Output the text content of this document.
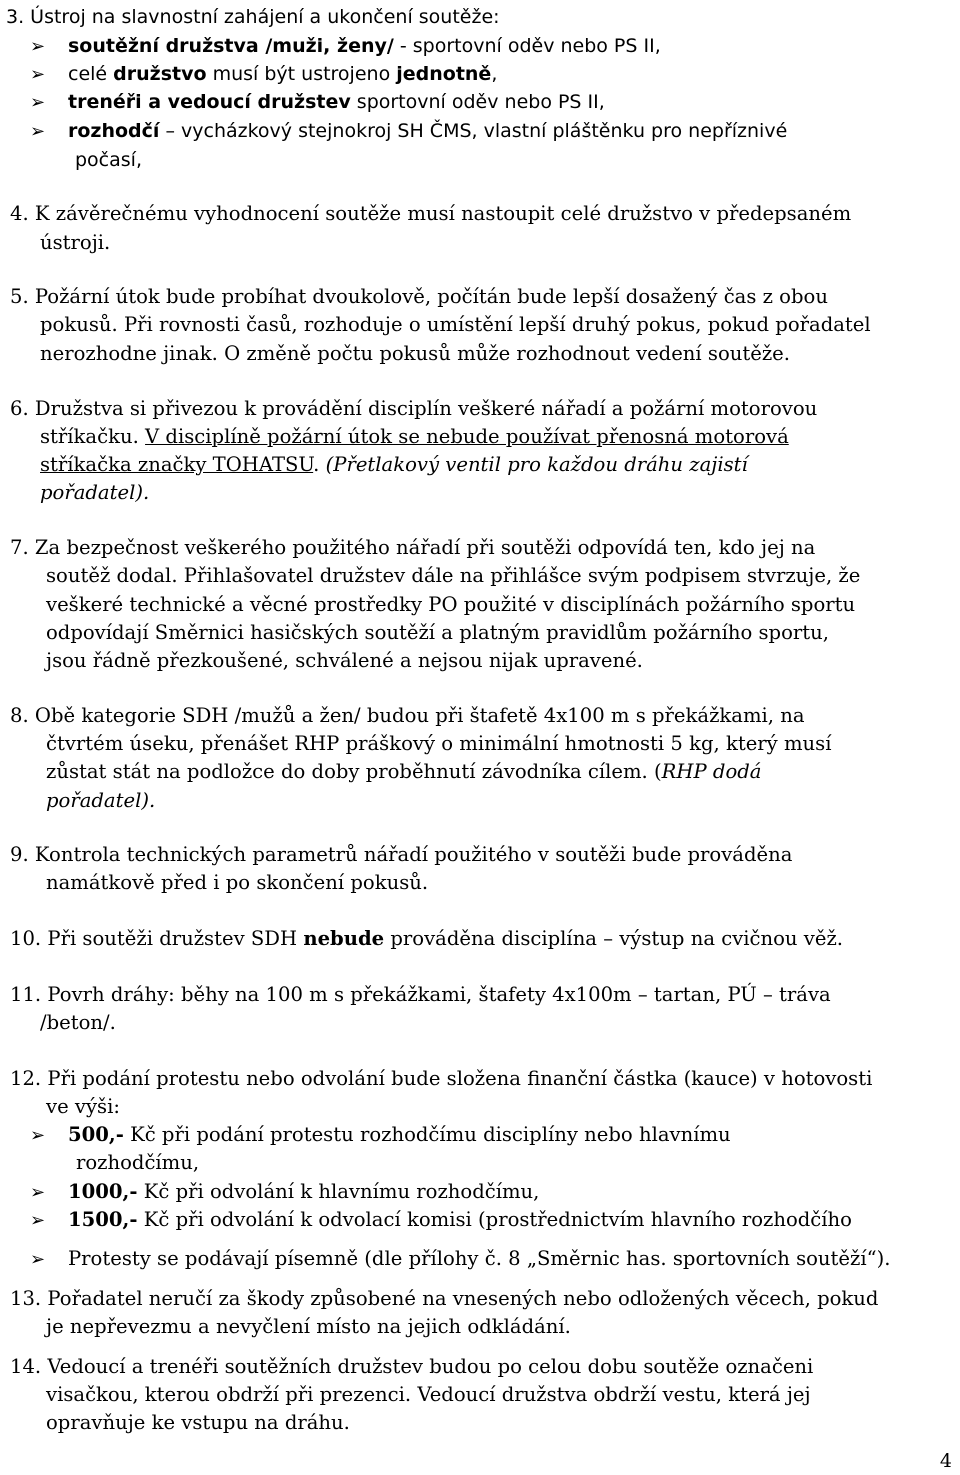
3. Ústroj na slavnostní zahájení a ukončení soutěže:
➢ soutěžní družstva /muži, ženy/ - sportovní oděv nebo PS II,
➢ celé družstvo musí být ustrojeno jednotně,
➢ trenéři a vedoucí družstev sportovní oděv nebo PS II,
➢ rozhodčí – vycházkový stejnokroj SH ČMS, vlastní pláštěnku pro nepříznivé
počasí,
4. K závěrečnému vyhodnocení soutěže musí nastoupit celé družstvo v předepsaném
ústroji.
5. Požární útok bude probíhat dvoukolově, počítán bude lepší dosažený čas z obou
pokusů. Při rovnosti časů, rozhoduje o umístění lepší druhý pokus, pokud pořadatel
nerozhodne jinak. O změně počtu pokusů může rozhodnout vedení soutěže.
6. Družstva si přivezou k provádění disciplín veškeré nářadí a požární motorovou
stříkačku. V disciplíně požární útok se nebude používat přenosná motorová
stříkačka značky TOHATSU. (Přetlakový ventil pro každou dráhu zajistí
pořadatel).
7. Za bezpečnost veškerého použitého nářadí při soutěži odpovídá ten, kdo jej na
soutěž dodal. Přihlašovatel družstev dále na přihlášce svým podpisem stvrzuje, že
veškeré technické a věcné prostředky PO použité v disciplínách požárního sportu
odpovídají Směrnici hasičských soutěží a platným pravidlům požárního sportu,
jsou řádně přezkoušené, schválené a nejsou nijak upravené.
8. Obě kategorie SDH /mužů a žen/ budou při štafetě 4x100 m s překážkami, na
čtvrtém úseku, přenášet RHP práškový o minimální hmotnosti 5 kg, který musí
zůstat stát na podložce do doby proběhnutí závodníka cílem. (RHP dodá
pořadatel).
9. Kontrola technických parametrů nářadí použitého v soutěži bude prováděna
namátkově před i po skončení pokusů.
10. Při soutěži družstev SDH nebude prováděna disciplína – výstup na cvičnou věž.
11. Povrh dráhy: běhy na 100 m s překážkami, štafety 4x100m – tartan, PÚ – tráva
/beton/.
12. Při podání protestu nebo odvolání bude složena finanční částka (kauce) v hotovosti
ve výši:
➢ 500,- Kč při podání protestu rozhodčímu disciplíny nebo hlavnímu
rozhodčímu,
➢ 1000,- Kč při odvolání k hlavnímu rozhodčímu,
➢ 1500,- Kč při odvolání k odvolací komisi (prostřednictvím hlavního rozhodčího
➢ Protesty se podávají písemně (dle přílohy č. 8 „Směrnic has. sportovních soutěží“).
13. Pořadatel neručí za škody způsobené na vnesených nebo odložených věcech, pokud
je nepřevezmu a nevyčlení místo na jejich odkládání.
14. Vedoucí a trenéři soutěžních družstev budou po celou dobu soutěže označeni
visačkou, kterou obdrží při prezenci. Vedoucí družstva obdrží vestu, která jej
opravňuje ke vstupu na dráhu.
4
